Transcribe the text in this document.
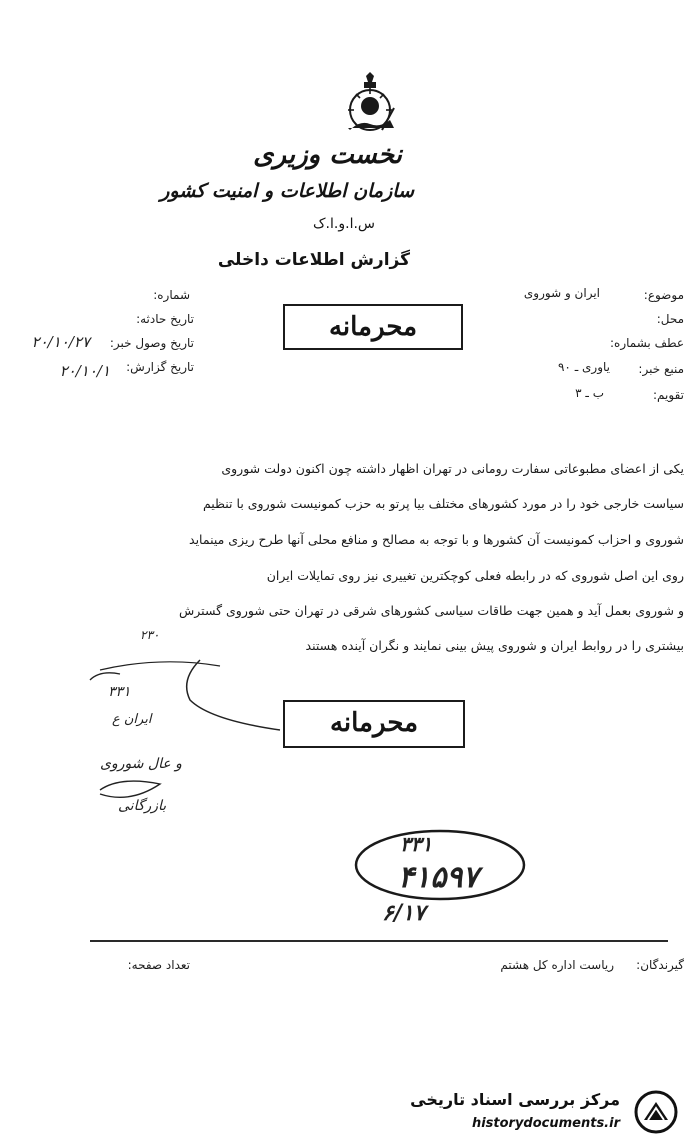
نخست وزیری
سازمان اطلاعات و امنیت کشور
س.ا.و.ا.ک
گزارش اطلاعات داخلی
شماره:
تاریخ حادثه:
تاریخ وصول خبر:
۲۰/۱۰/۲۷
تاریخ گزارش:
۲۰/۱۰/۱
موضوع:
ایران و شوروی
محل:
عطف بشماره:
منبع خبر:
یاوری ـ ۹۰
تقویم:
ب ـ ۳
محرمانه
یکی از اعضای مطبوعاتی سفارت رومانی در تهران اظهار داشته چون اکنون دولت شوروی
سیاست خارجی خود را در مورد کشورهای مختلف بیا پرتو به حزب کمونیست شوروی با تنظیم
شوروی و احزاب کمونیست آن کشورها و با توجه به مصالح و منافع محلی آنها طرح ریزی مینماید
روی این اصل شوروی که در رابطه فعلی کوچکترین تغییری نیز روی تمایلات ایران
و شوروی بعمل آید و همین جهت طاقات سیاسی کشورهای شرقی در تهران حتی شوروی گسترش
بیشتری را در روابط ایران و شوروی پیش بینی نمایند و نگران آینده هستند
۲۳۰
۳۳۱
ایران ع
و عال شوروی
بازرگانی
محرمانه
۳۳۱
۴۱۵۹۷
۶/۱۷
گیرندگان:
ریاست اداره کل هشتم
تعداد صفحه:
مرکز بررسی اسناد تاریخی
historydocuments.ir
